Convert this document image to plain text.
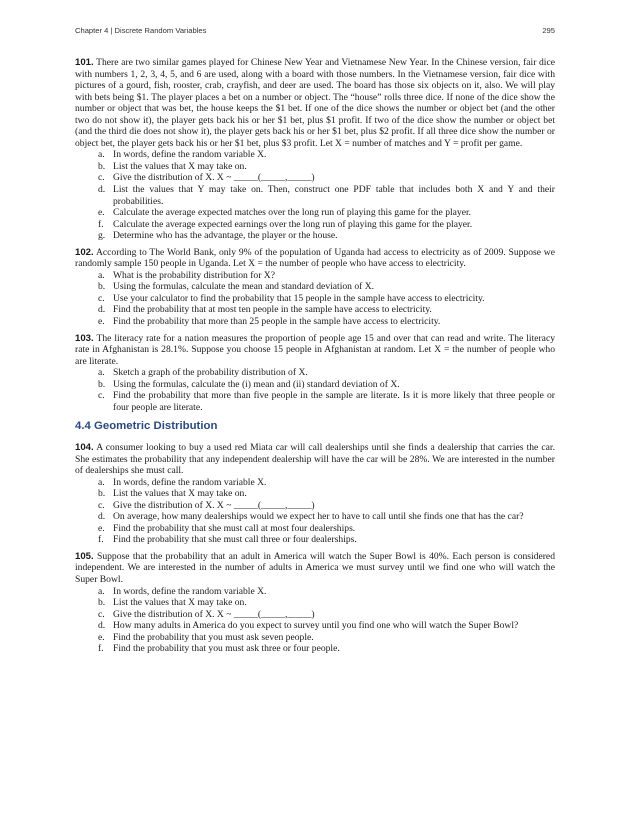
Chapter 4 | Discrete Random Variables	295

101. There are two similar games played for Chinese New Year and Vietnamese New Year. In the Chinese version, fair dice with numbers 1, 2, 3, 4, 5, and 6 are used, along with a board with those numbers. In the Vietnamese version, fair dice with pictures of a gourd, fish, rooster, crab, crayfish, and deer are used. The board has those six objects on it, also. We will play with bets being $1. The player places a bet on a number or object. The “house” rolls three dice. If none of the dice show the number or object that was bet, the house keeps the $1 bet. If one of the dice shows the number or object bet (and the other two do not show it), the player gets back his or her $1 bet, plus $1 profit. If two of the dice show the number or object bet (and the third die does not show it), the player gets back his or her $1 bet, plus $2 profit. If all three dice show the number or object bet, the player gets back his or her $1 bet, plus $3 profit. Let X = number of matches and Y = profit per game.

a. In words, define the random variable X.
b. List the values that X may take on.
c. Give the distribution of X. X ~ _____(_____,_____)
d. List the values that Y may take on. Then, construct one PDF table that includes both X and Y and their probabilities.
e. Calculate the average expected matches over the long run of playing this game for the player.
f. Calculate the average expected earnings over the long run of playing this game for the player.
g. Determine who has the advantage, the player or the house.

102. According to The World Bank, only 9% of the population of Uganda had access to electricity as of 2009. Suppose we randomly sample 150 people in Uganda. Let X = the number of people who have access to electricity.

a. What is the probability distribution for X?
b. Using the formulas, calculate the mean and standard deviation of X.
c. Use your calculator to find the probability that 15 people in the sample have access to electricity.
d. Find the probability that at most ten people in the sample have access to electricity.
e. Find the probability that more than 25 people in the sample have access to electricity.

103. The literacy rate for a nation measures the proportion of people age 15 and over that can read and write. The literacy rate in Afghanistan is 28.1%. Suppose you choose 15 people in Afghanistan at random. Let X = the number of people who are literate.

a. Sketch a graph of the probability distribution of X.
b. Using the formulas, calculate the (i) mean and (ii) standard deviation of X.
c. Find the probability that more than five people in the sample are literate. Is it is more likely that three people or four people are literate.
4.4 Geometric Distribution

104. A consumer looking to buy a used red Miata car will call dealerships until she finds a dealership that carries the car. She estimates the probability that any independent dealership will have the car will be 28%. We are interested in the number of dealerships she must call.

a. In words, define the random variable X.
b. List the values that X may take on.
c. Give the distribution of X. X ~ _____(_____,_____)
d. On average, how many dealerships would we expect her to have to call until she finds one that has the car?
e. Find the probability that she must call at most four dealerships.
f. Find the probability that she must call three or four dealerships.

105. Suppose that the probability that an adult in America will watch the Super Bowl is 40%. Each person is considered independent. We are interested in the number of adults in America we must survey until we find one who will watch the Super Bowl.

a. In words, define the random variable X.
b. List the values that X may take on.
c. Give the distribution of X. X ~ _____(_____,_____)
d. How many adults in America do you expect to survey until you find one who will watch the Super Bowl?
e. Find the probability that you must ask seven people.
f. Find the probability that you must ask three or four people.
